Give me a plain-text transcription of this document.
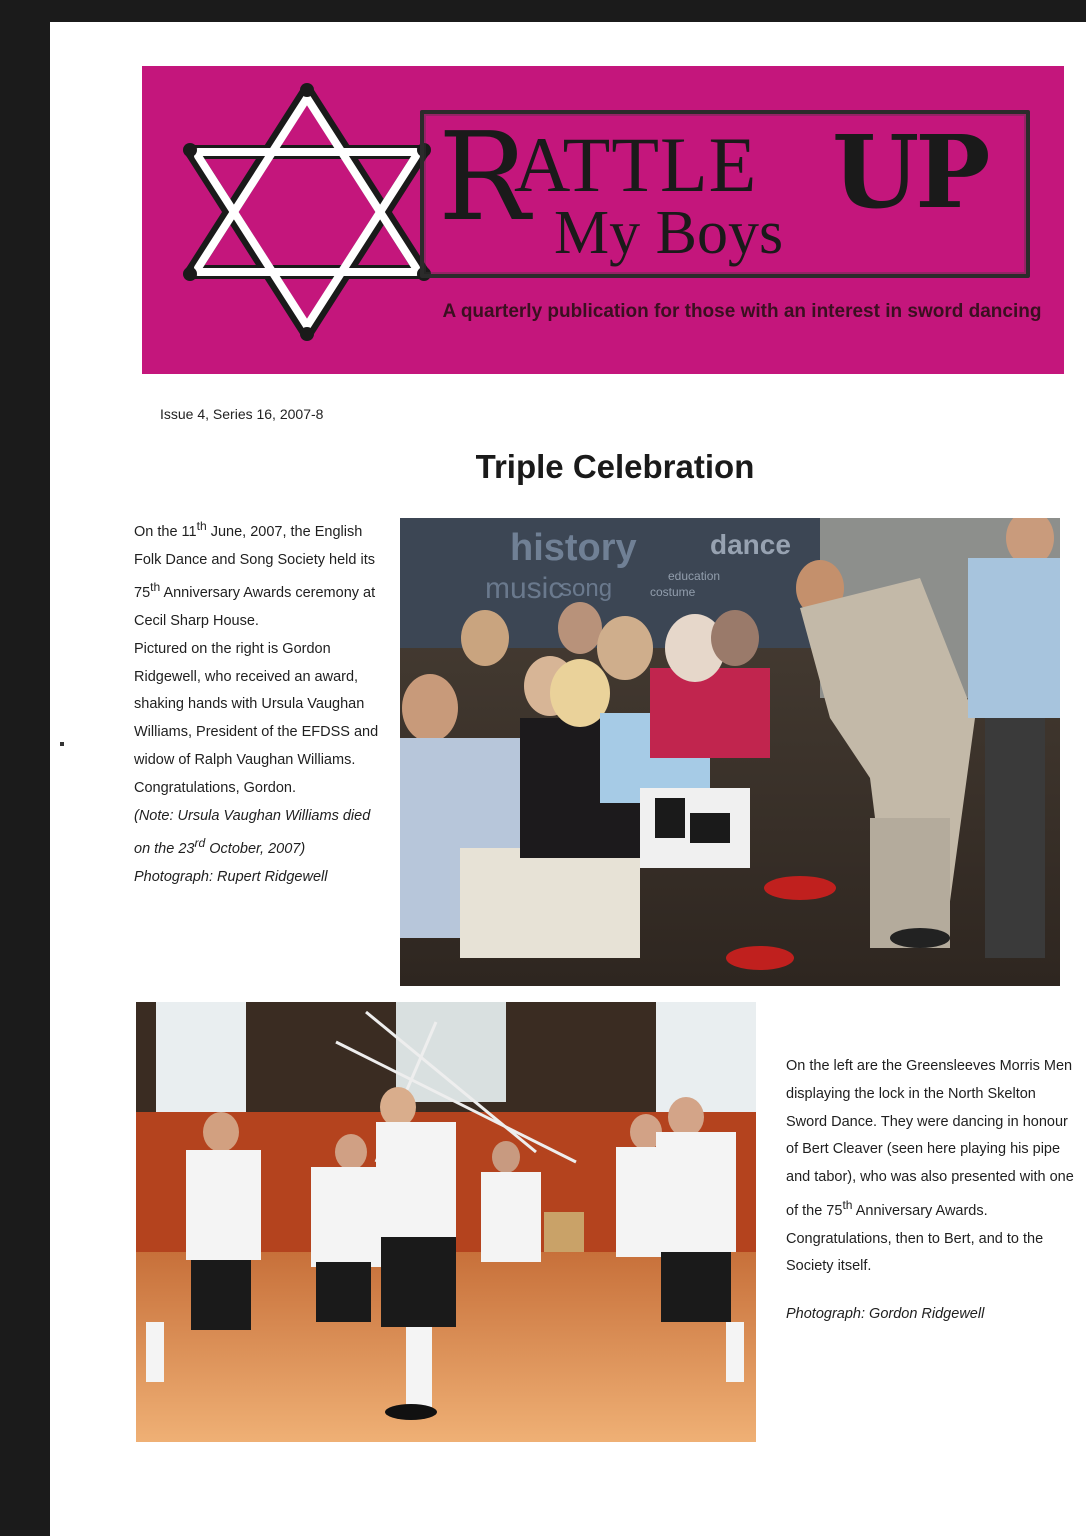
R
ATTLE UP
My Boys
A quarterly publication for those with an interest in sword dancing
Issue 4, Series 16, 2007-8
Triple Celebration

On the 11th June, 2007, the English Folk Dance and Song Society held its 75th Anniversary Awards ceremony at Cecil Sharp House.

Pictured on the right is Gordon Ridgewell, who received an award, shaking hands with Ursula Vaughan Williams, President of the EFDSS and widow of Ralph Vaughan Williams. Congratulations, Gordon.

(Note: Ursula Vaughan Williams died on the 23rd October, 2007)

Photograph: Rupert Ridgewell

history	dance
music
song	education
costume

On the left are the Greensleeves Morris Men displaying the lock in the North Skelton Sword Dance. They were dancing in honour of Bert Cleaver (seen here playing his pipe and tabor), who was also presented with one of the 75th Anniversary Awards. Congratulations, then to Bert, and to the Society itself.

Photograph: Gordon Ridgewell
